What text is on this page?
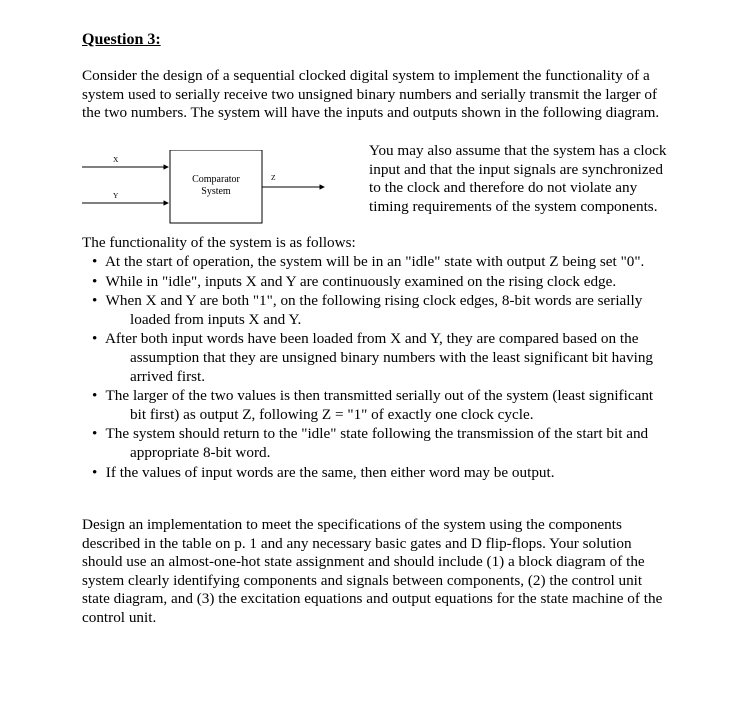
Question 3:

Consider the design of a sequential clocked digital system to implement the functionality of a system used to serially receive two unsigned binary numbers and serially transmit the larger of the two numbers. The system will have the inputs and outputs shown in the following diagram.

X
Y
Comparator
System
Z

You may also assume that the system has a clock input and that the input signals are synchronized to the clock and therefore do not violate any timing requirements of the system components.

The functionality of the system is as follows:

• At the start of operation, the system will be in an "idle" state with output Z being set "0".
• While in "idle", inputs X and Y are continuously examined on the rising clock edge.
• When X and Y are both "1", on the following rising clock edges, 8-bit words are serially loaded from inputs X and Y.
• After both input words have been loaded from X and Y, they are compared based on the assumption that they are unsigned binary numbers with the least significant bit having arrived first.
• The larger of the two values is then transmitted serially out of the system (least significant bit first) as output Z, following Z = "1" of exactly one clock cycle.
• The system should return to the "idle" state following the transmission of the start bit and appropriate 8-bit word.
• If the values of input words are the same, then either word may be output.

Design an implementation to meet the specifications of the system using the components described in the table on p. 1 and any necessary basic gates and D flip-flops. Your solution should use an almost-one-hot state assignment and should include (1) a block diagram of the system clearly identifying components and signals between components, (2) the control unit state diagram, and (3) the excitation equations and output equations for the state machine of the control unit.
